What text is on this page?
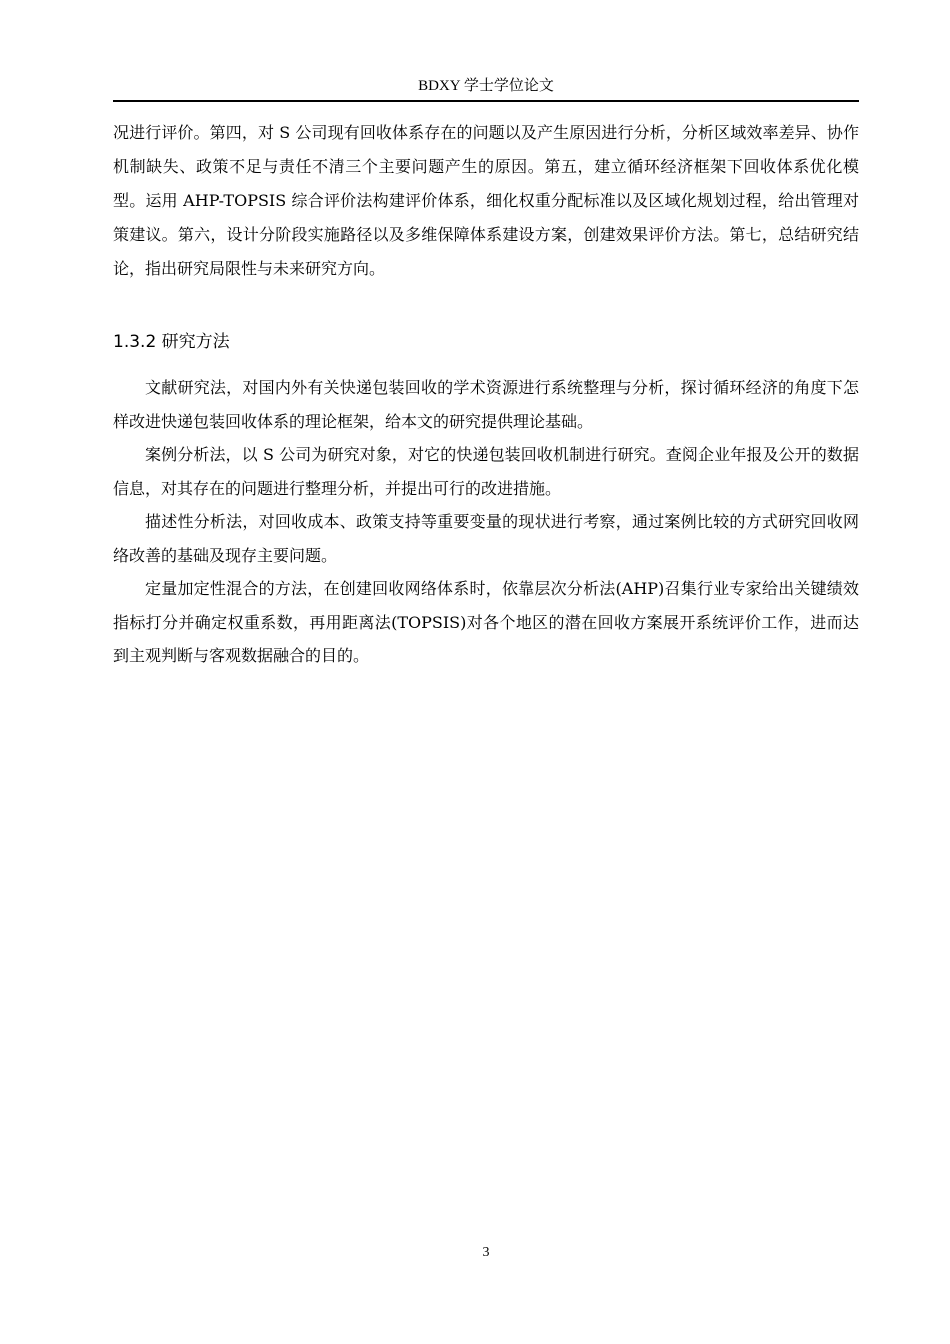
BDXY 学士学位论文

况进行评价。第四，对 S 公司现有回收体系存在的问题以及产生原因进行分析，分析区域效率差异、协作机制缺失、政策不足与责任不清三个主要问题产生的原因。第五，建立循环经济框架下回收体系优化模型。运用 AHP-TOPSIS 综合评价法构建评价体系，细化权重分配标准以及区域化规划过程，给出管理对策建议。第六，设计分阶段实施路径以及多维保障体系建设方案，创建效果评价方法。第七，总结研究结论，指出研究局限性与未来研究方向。

1.3.2 研究方法

文献研究法，对国内外有关快递包装回收的学术资源进行系统整理与分析，探讨循环经济的角度下怎样改进快递包装回收体系的理论框架，给本文的研究提供理论基础。

案例分析法，以 S 公司为研究对象，对它的快递包装回收机制进行研究。查阅企业年报及公开的数据信息，对其存在的问题进行整理分析，并提出可行的改进措施。

描述性分析法，对回收成本、政策支持等重要变量的现状进行考察，通过案例比较的方式研究回收网络改善的基础及现存主要问题。

定量加定性混合的方法，在创建回收网络体系时，依靠层次分析法(AHP)召集行业专家给出关键绩效指标打分并确定权重系数，再用距离法(TOPSIS)对各个地区的潜在回收方案展开系统评价工作，进而达到主观判断与客观数据融合的目的。

3
